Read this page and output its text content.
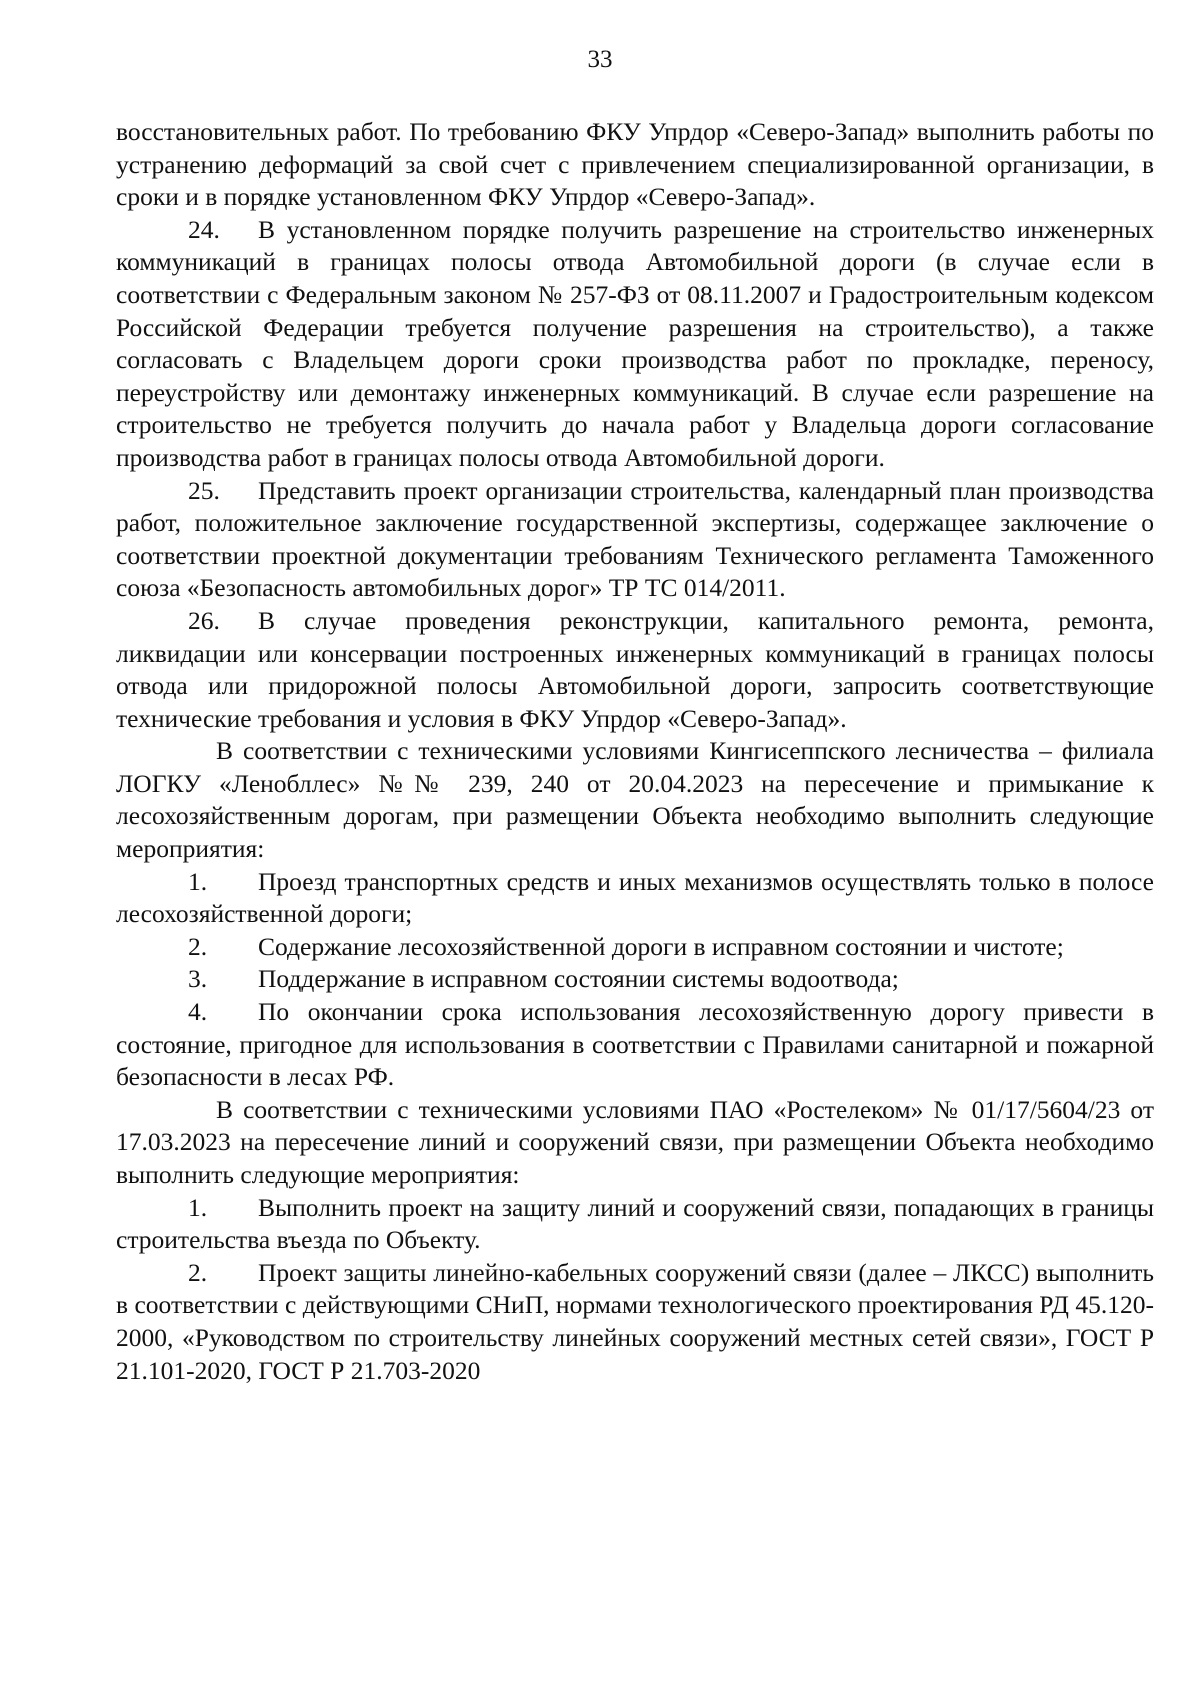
33

восстановительных работ. По требованию ФКУ Упрдор «Северо-Запад» выполнить работы по устранению деформаций за свой счет с привлечением специализированной организации, в сроки и в порядке установленном ФКУ Упрдор «Северо-Запад».

24. В установленном порядке получить разрешение на строительство инженерных коммуникаций в границах полосы отвода Автомобильной дороги (в случае если в соответствии с Федеральным законом № 257-ФЗ от 08.11.2007 и Градостроительным кодексом Российской Федерации требуется получение разрешения на строительство), а также согласовать с Владельцем дороги сроки производства работ по прокладке, переносу, переустройству или демонтажу инженерных коммуникаций. В случае если разрешение на строительство не требуется получить до начала работ у Владельца дороги согласование производства работ в границах полосы отвода Автомобильной дороги.

25. Представить проект организации строительства, календарный план производства работ, положительное заключение государственной экспертизы, содержащее заключение о соответствии проектной документации требованиям Технического регламента Таможенного союза «Безопасность автомобильных дорог» ТР ТС 014/2011.

26. В случае проведения реконструкции, капитального ремонта, ремонта, ликвидации или консервации построенных инженерных коммуникаций в границах полосы отвода или придорожной полосы Автомобильной дороги, запросить соответствующие технические требования и условия в ФКУ Упрдор «Северо-Запад».

В соответствии с техническими условиями Кингисеппского лесничества – филиала ЛОГКУ «Ленобллес» №№ 239, 240 от 20.04.2023 на пересечение и примыкание к лесохозяйственным дорогам, при размещении Объекта необходимо выполнить следующие мероприятия:

1. Проезд транспортных средств и иных механизмов осуществлять только в полосе лесохозяйственной дороги;

2. Содержание лесохозяйственной дороги в исправном состоянии и чистоте;

3. Поддержание в исправном состоянии системы водоотвода;

4. По окончании срока использования лесохозяйственную дорогу привести в состояние, пригодное для использования в соответствии с Правилами санитарной и пожарной безопасности в лесах РФ.

В соответствии с техническими условиями ПАО «Ростелеком» № 01/17/5604/23 от 17.03.2023 на пересечение линий и сооружений связи, при размещении Объекта необходимо выполнить следующие мероприятия:

1. Выполнить проект на защиту линий и сооружений связи, попадающих в границы строительства въезда по Объекту.

2. Проект защиты линейно-кабельных сооружений связи (далее – ЛКСС) выполнить в соответствии с действующими СНиП, нормами технологического проектирования РД 45.120-2000, «Руководством по строительству линейных сооружений местных сетей связи», ГОСТ Р 21.101-2020, ГОСТ Р 21.703-2020
